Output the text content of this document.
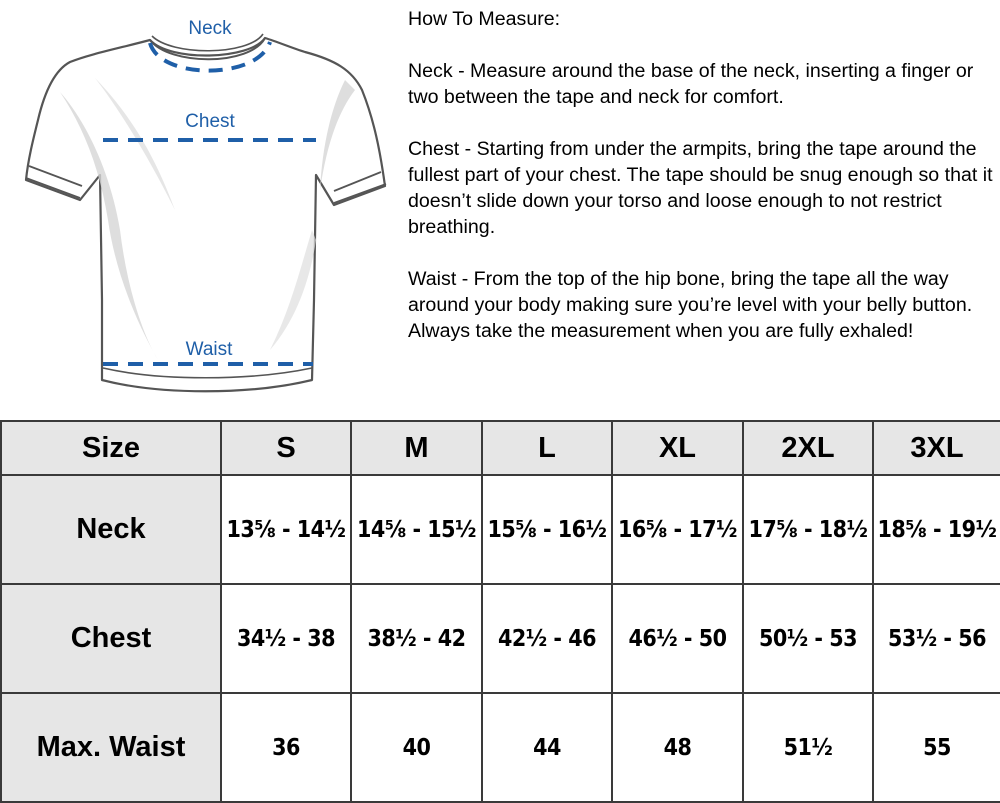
Neck
Chest
Waist
How To Measure:
Neck - Measure around the base of the neck, inserting a finger or two between the tape and neck for comfort.
Chest - Starting from under the armpits, bring the tape around the fullest part of your chest. The tape should be snug enough so that it doesn’t slide down your torso and loose enough to not restrict breathing.
Waist - From the top of the hip bone, bring the tape all the way around your body making sure you’re level with your belly button. Always take the measurement when you are fully exhaled!
Size	S	M	L	XL	2XL	3XL
Neck	13⅝ - 14½	14⅝ - 15½	15⅝ - 16½	16⅝ - 17½	17⅝ - 18½	18⅝ - 19½
Chest	34½ - 38	38½ - 42	42½ - 46	46½ - 50	50½ - 53	53½ - 56
Max. Waist	36	40	44	48	51½	55
